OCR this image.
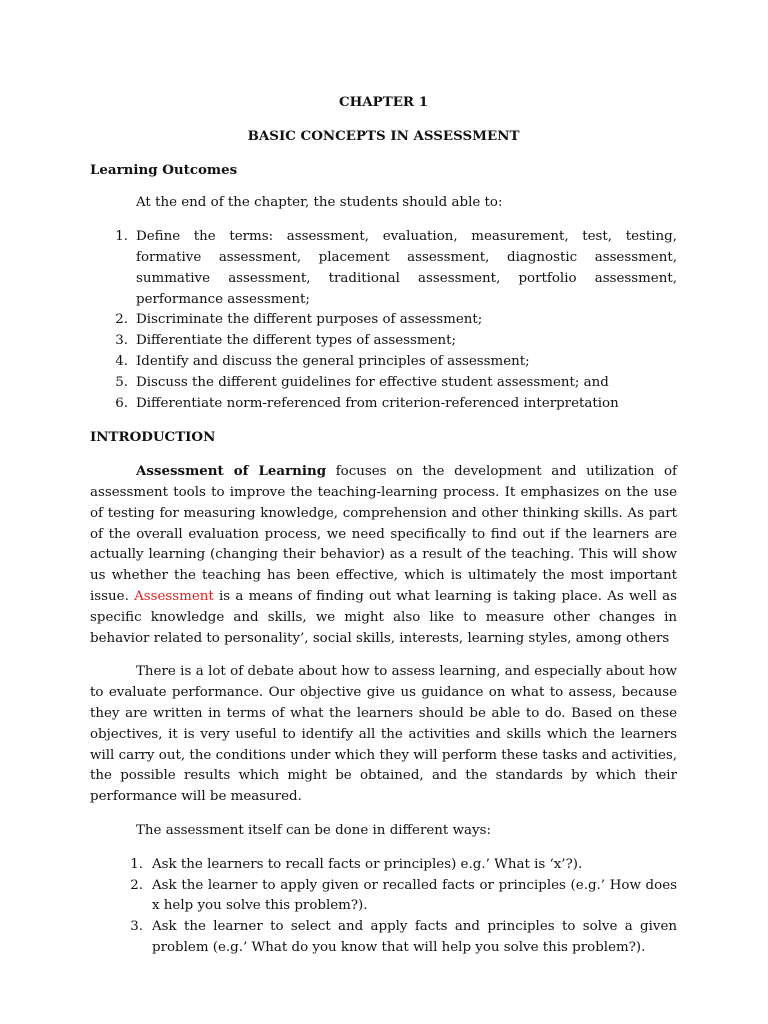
CHAPTER 1
BASIC CONCEPTS IN ASSESSMENT
Learning Outcomes

At the end of the chapter, the students should able to:

1. Define the terms: assessment, evaluation, measurement, test, testing, formative assessment, placement assessment, diagnostic assessment, summative assessment, traditional assessment, portfolio assessment, performance assessment;
2. Discriminate the different purposes of assessment;
3. Differentiate the different types of assessment;
4. Identify and discuss the general principles of assessment;
5. Discuss the different guidelines for effective student assessment; and
6. Differentiate norm-referenced from criterion-referenced interpretation
INTRODUCTION

Assessment of Learning focuses on the development and utilization of assessment tools to improve the teaching-learning process. It emphasizes on the use of testing for measuring knowledge, comprehension and other thinking skills. As part of the overall evaluation process, we need specifically to find out if the learners are actually learning (changing their behavior) as a result of the teaching. This will show us whether the teaching has been effective, which is ultimately the most important issue. Assessment is a means of finding out what learning is taking place. As well as specific knowledge and skills, we might also like to measure other changes in behavior related to personality’, social skills, interests, learning styles, among others

There is a lot of debate about how to assess learning, and especially about how to evaluate performance. Our objective give us guidance on what to assess, because they are written in terms of what the learners should be able to do. Based on these objectives, it is very useful to identify all the activities and skills which the learners will carry out, the conditions under which they will perform these tasks and activities, the possible results which might be obtained, and the standards by which their performance will be measured.

The assessment itself can be done in different ways:

1. Ask the learners to recall facts or principles) e.g.’ What is ‘x’?).
2. Ask the learner to apply given or recalled facts or principles (e.g.’ How does x help you solve this problem?).
3. Ask the learner to select and apply facts and principles to solve a given problem (e.g.’ What do you know that will help you solve this problem?).
